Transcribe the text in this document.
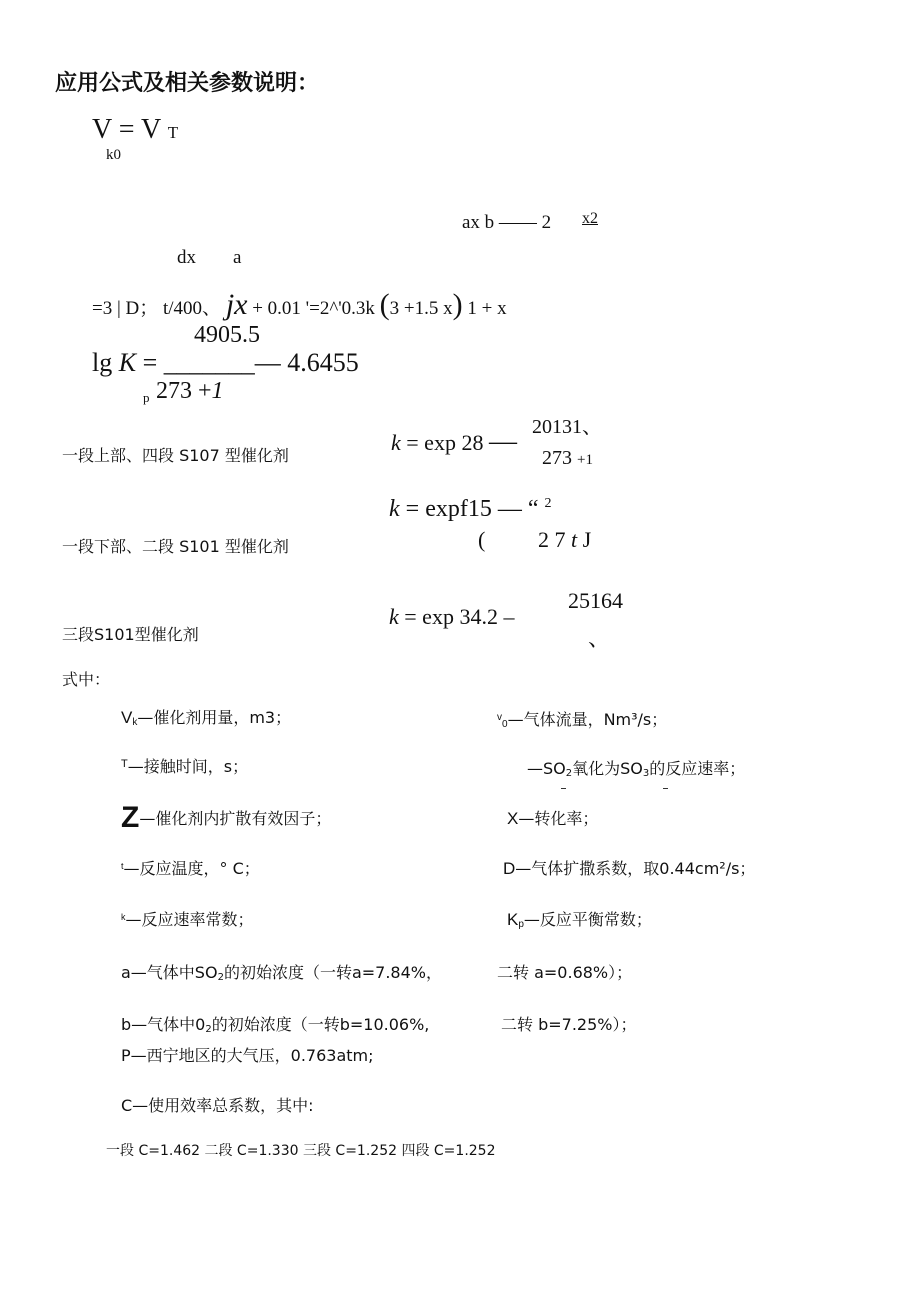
应用公式及相关参数说明：
V = V T
k0
ax b —— 2 x2
dx a
=3 | D； t/400、 jx + 0.01 '=2^'0.3k (3 +1.5 x) 1 + x
4905.5
lg K = _______— 4.6455
p 273 +1
一段上部、四段 S107 型催化剂
k = exp 28 — 20131、
273 +1
一段下部、二段 S101 型催化剂
k = expf15 — “ $^2$
( 2 7 t J
三段S101型催化剂
25164
k = exp 34.2 –
、
式中：
$V_k—$催化剂用量，m3；	$^v_0$—气体流量，Nm³/s；
$^T$—接触时间，s；	$—SO_2$氧化为$SO_3$的反应速率；
Z—催化剂内扩散有效因子；	X—转化率；
$^t$—反应温度，° C；	D—气体扩撒系数，取0.44cm²/s；
$^k$—反应速率常数；	$K_p—$反应平衡常数；
a—气体中$SO_2$的初始浓度（一转a=7.84%，	二转 a=0.68%）；
b—气体中$0_2$的初始浓度（一转b=10.06%,	二转 b=7.25%）；
P—西宁地区的大气压，0.763atm;
C—使用效率总系数，其中:
一段 C=1.462 二段 C=1.330 三段 C=1.252 四段 C=1.252
